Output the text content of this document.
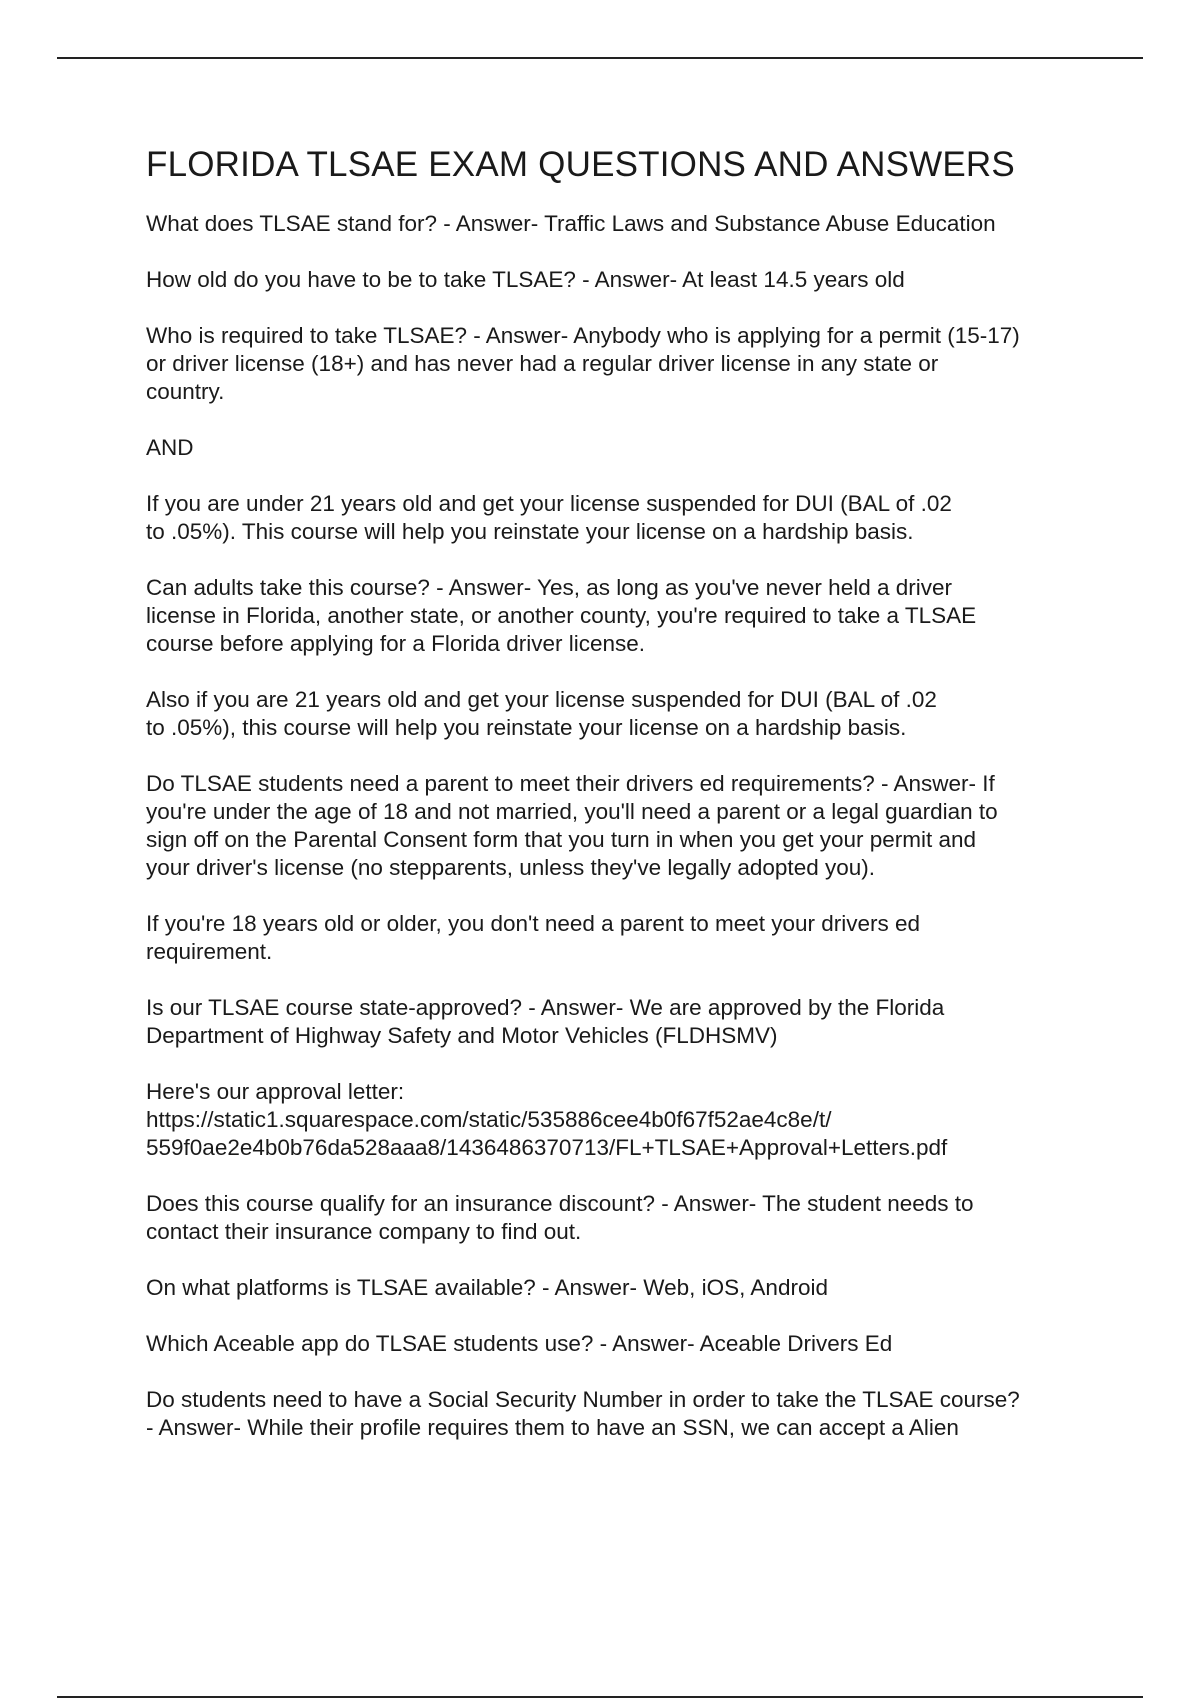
FLORIDA TLSAE EXAM QUESTIONS AND ANSWERS

What does TLSAE stand for? - Answer- Traffic Laws and Substance Abuse Education

How old do you have to be to take TLSAE? - Answer- At least 14.5 years old

Who is required to take TLSAE? - Answer- Anybody who is applying for a permit (15-17)
or driver license (18+) and has never had a regular driver license in any state or
country.

AND

If you are under 21 years old and get your license suspended for DUI (BAL of .02
to .05%). This course will help you reinstate your license on a hardship basis.

Can adults take this course? - Answer- Yes, as long as you've never held a driver
license in Florida, another state, or another county, you're required to take a TLSAE
course before applying for a Florida driver license.

Also if you are 21 years old and get your license suspended for DUI (BAL of .02
to .05%), this course will help you reinstate your license on a hardship basis.

Do TLSAE students need a parent to meet their drivers ed requirements? - Answer- If
you're under the age of 18 and not married, you'll need a parent or a legal guardian to
sign off on the Parental Consent form that you turn in when you get your permit and
your driver's license (no stepparents, unless they've legally adopted you).

If you're 18 years old or older, you don't need a parent to meet your drivers ed
requirement.

Is our TLSAE course state-approved? - Answer- We are approved by the Florida
Department of Highway Safety and Motor Vehicles (FLDHSMV)

Here's our approval letter:
https://static1.squarespace.com/static/535886cee4b0f67f52ae4c8e/t/
559f0ae2e4b0b76da528aaa8/1436486370713/FL+TLSAE+Approval+Letters.pdf

Does this course qualify for an insurance discount? - Answer- The student needs to
contact their insurance company to find out.

On what platforms is TLSAE available? - Answer- Web, iOS, Android

Which Aceable app do TLSAE students use? - Answer- Aceable Drivers Ed

Do students need to have a Social Security Number in order to take the TLSAE course?
- Answer- While their profile requires them to have an SSN, we can accept a Alien
